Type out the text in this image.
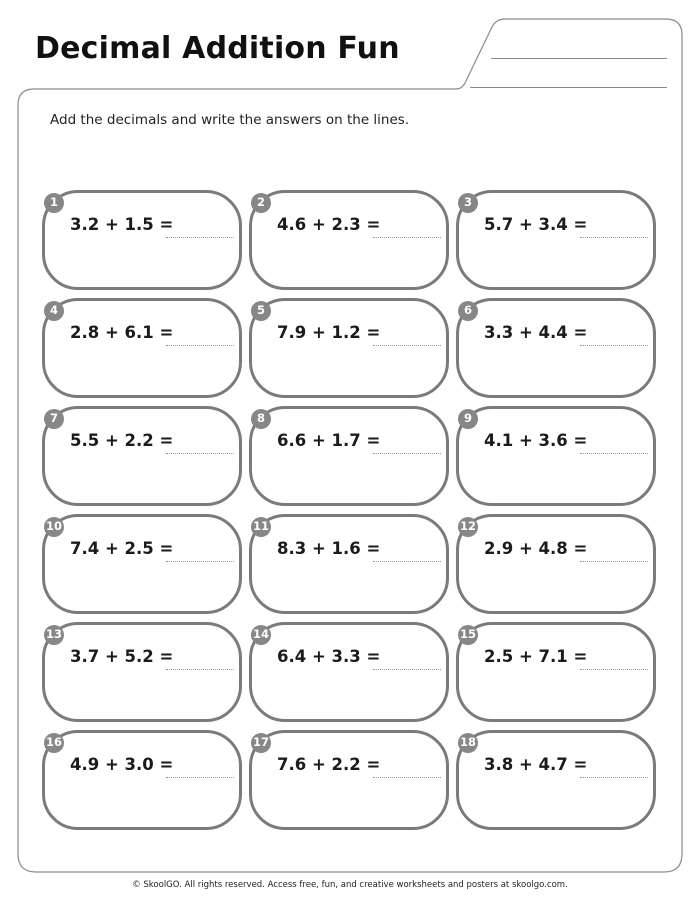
Decimal Addition Fun

Add the decimals and write the answers on the lines.

1
3.2 + 1.5 =
2
4.6 + 2.3 =
3
5.7 + 3.4 =
4
2.8 + 6.1 =
5
7.9 + 1.2 =
6
3.3 + 4.4 =
7
5.5 + 2.2 =
8
6.6 + 1.7 =
9
4.1 + 3.6 =
10
7.4 + 2.5 =
11
8.3 + 1.6 =
12
2.9 + 4.8 =
13
3.7 + 5.2 =
14
6.4 + 3.3 =
15
2.5 + 7.1 =
16
4.9 + 3.0 =
17
7.6 + 2.2 =
18
3.8 + 4.7 =

© SkoolGO. All rights reserved. Access free, fun, and creative worksheets and posters at skoolgo.com.
